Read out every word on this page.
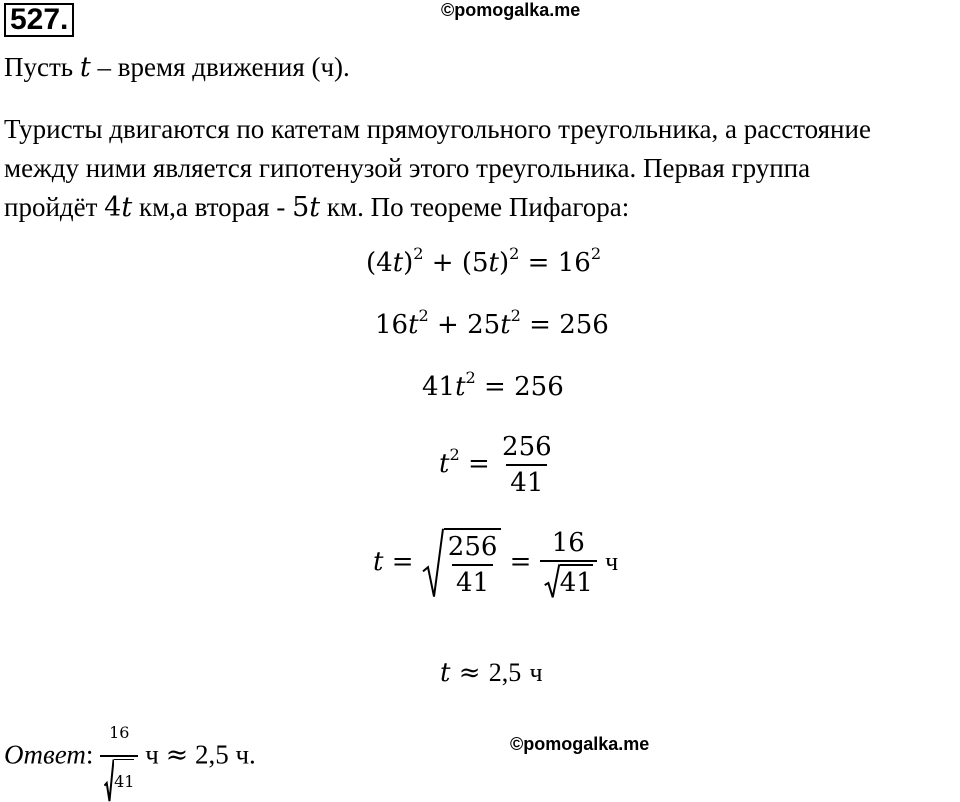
527.	©pomogalka.me
Пусть t – время движения (ч).
Туристы двигаются по катетам прямоугольного треугольника, а расстояние
между ними является гипотенузой этого треугольника. Первая группа
пройдёт 4t км,а вторая - 5t км. По теореме Пифагора:
$(4t)^2 + (5t)^2 = 16^2$
$16t^2 + 25t^2 = 256$
$41t^2 = 256$
$t^2 = \frac{256}{41}$
$t = \frac{256}{41} = \frac{16}{41}$ ч
t ≈ 2,5 ч
Ответ: $\frac{16}{41}$ ч ≈ 2,5 ч.	©pomogalka.me
